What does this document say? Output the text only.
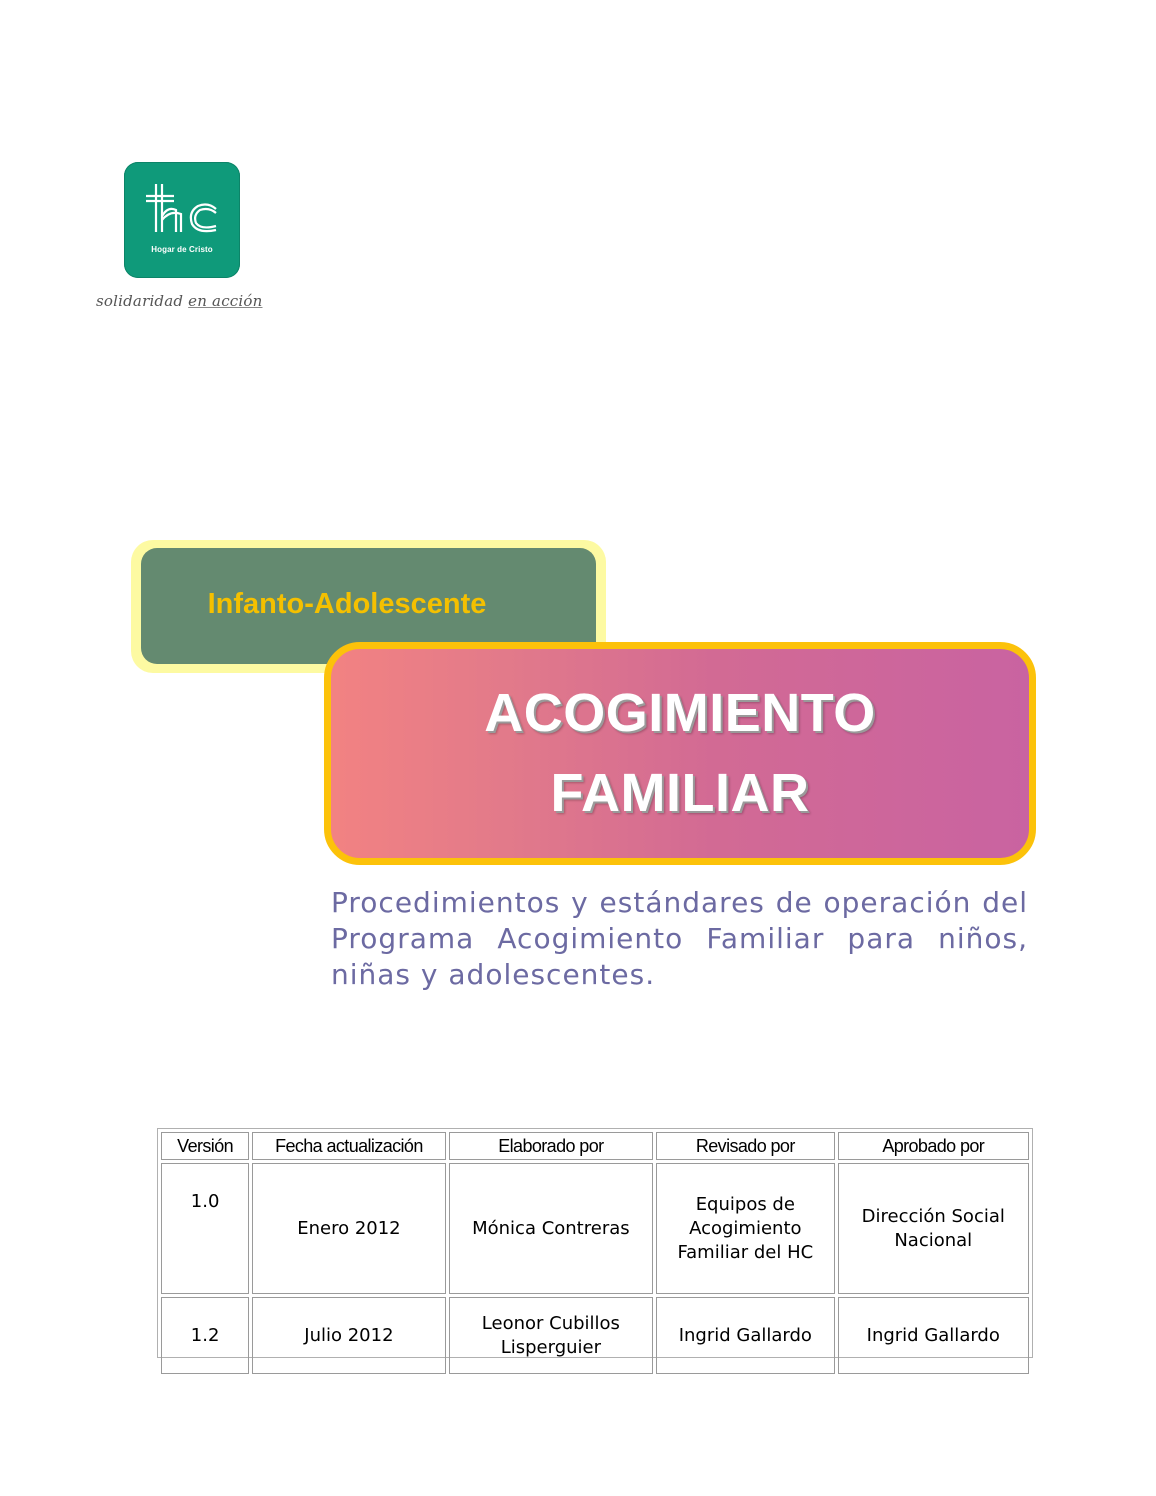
Hogar de Cristo
solidaridad en acción
Infanto-Adolescente
ACOGIMIENTO
FAMILIAR
Procedimientos y estándares de operación del Programa Acogimiento Familiar para niños, niñas y adolescentes.
Versión	Fecha actualización	Elaborado por	Revisado por	Aprobado por
1.0	Enero 2012	Mónica Contreras	Equipos de Acogimiento Familiar del HC	Dirección Social Nacional
1.2	Julio 2012	Leonor Cubillos Lisperguier	Ingrid Gallardo	Ingrid Gallardo
